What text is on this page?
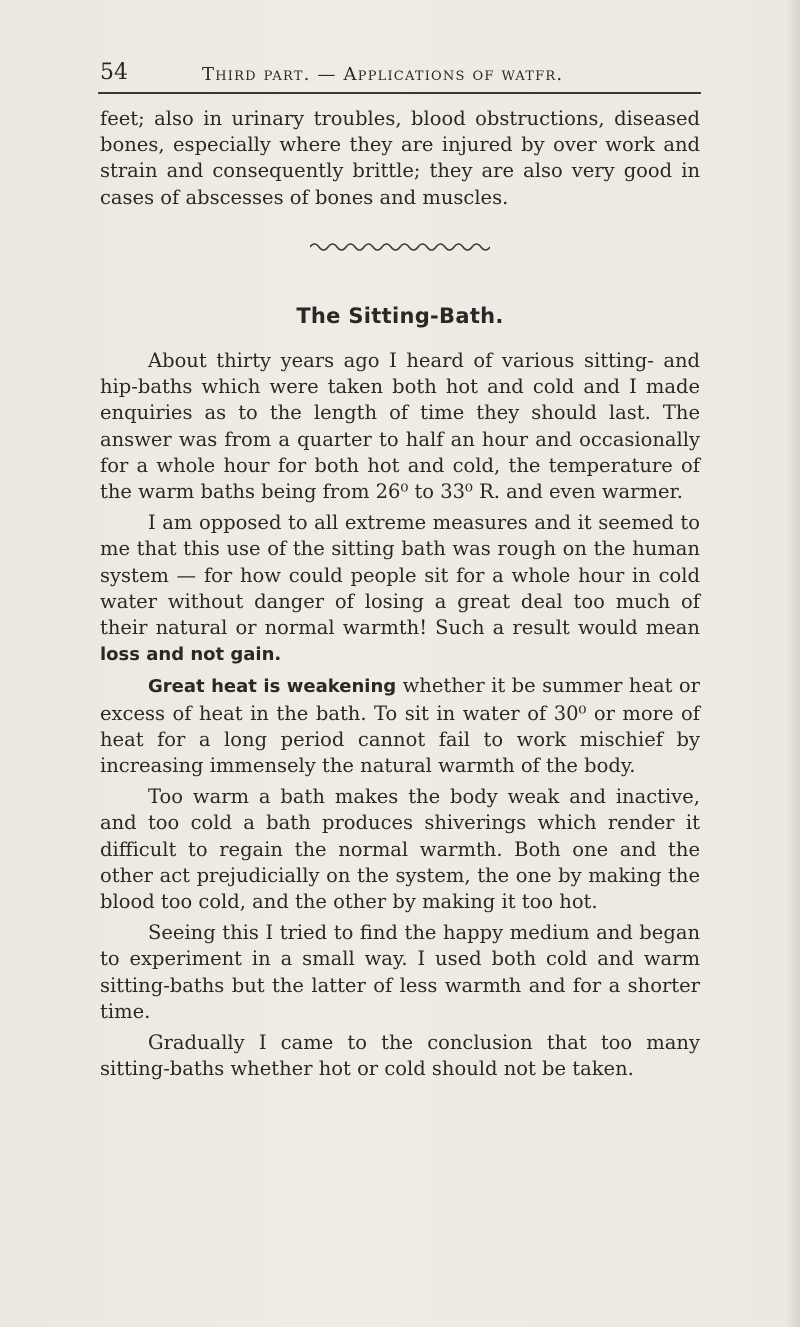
54	Third part. — Applications of watfr.

feet; also in urinary troubles, blood obstructions, diseased bones, especially where they are injured by over work and strain and consequently brittle; they are also very good in cases of abscesses of bones and muscles.

The Sitting-Bath.

About thirty years ago I heard of various sitting- and hip-baths which were taken both hot and cold and I made enquiries as to the length of time they should last. The answer was from a quarter to half an hour and occasionally for a whole hour for both hot and cold, the temperature of the warm baths being from 26⁰ to 33⁰ R. and even warmer.

I am opposed to all extreme measures and it seemed to me that this use of the sitting bath was rough on the human system — for how could people sit for a whole hour in cold water without danger of losing a great deal too much of their natural or normal warmth! Such a result would mean loss and not gain.

Great heat is weakening whether it be summer heat or excess of heat in the bath. To sit in water of 30⁰ or more of heat for a long period cannot fail to work mischief by increasing immensely the natural warmth of the body.

Too warm a bath makes the body weak and inactive, and too cold a bath produces shiverings which render it difficult to regain the normal warmth. Both one and the other act prejudicially on the system, the one by making the blood too cold, and the other by making it too hot.

Seeing this I tried to find the happy medium and began to experiment in a small way. I used both cold and warm sitting-baths but the latter of less warmth and for a shorter time.

Gradually I came to the conclusion that too many sitting-baths whether hot or cold should not be taken.
